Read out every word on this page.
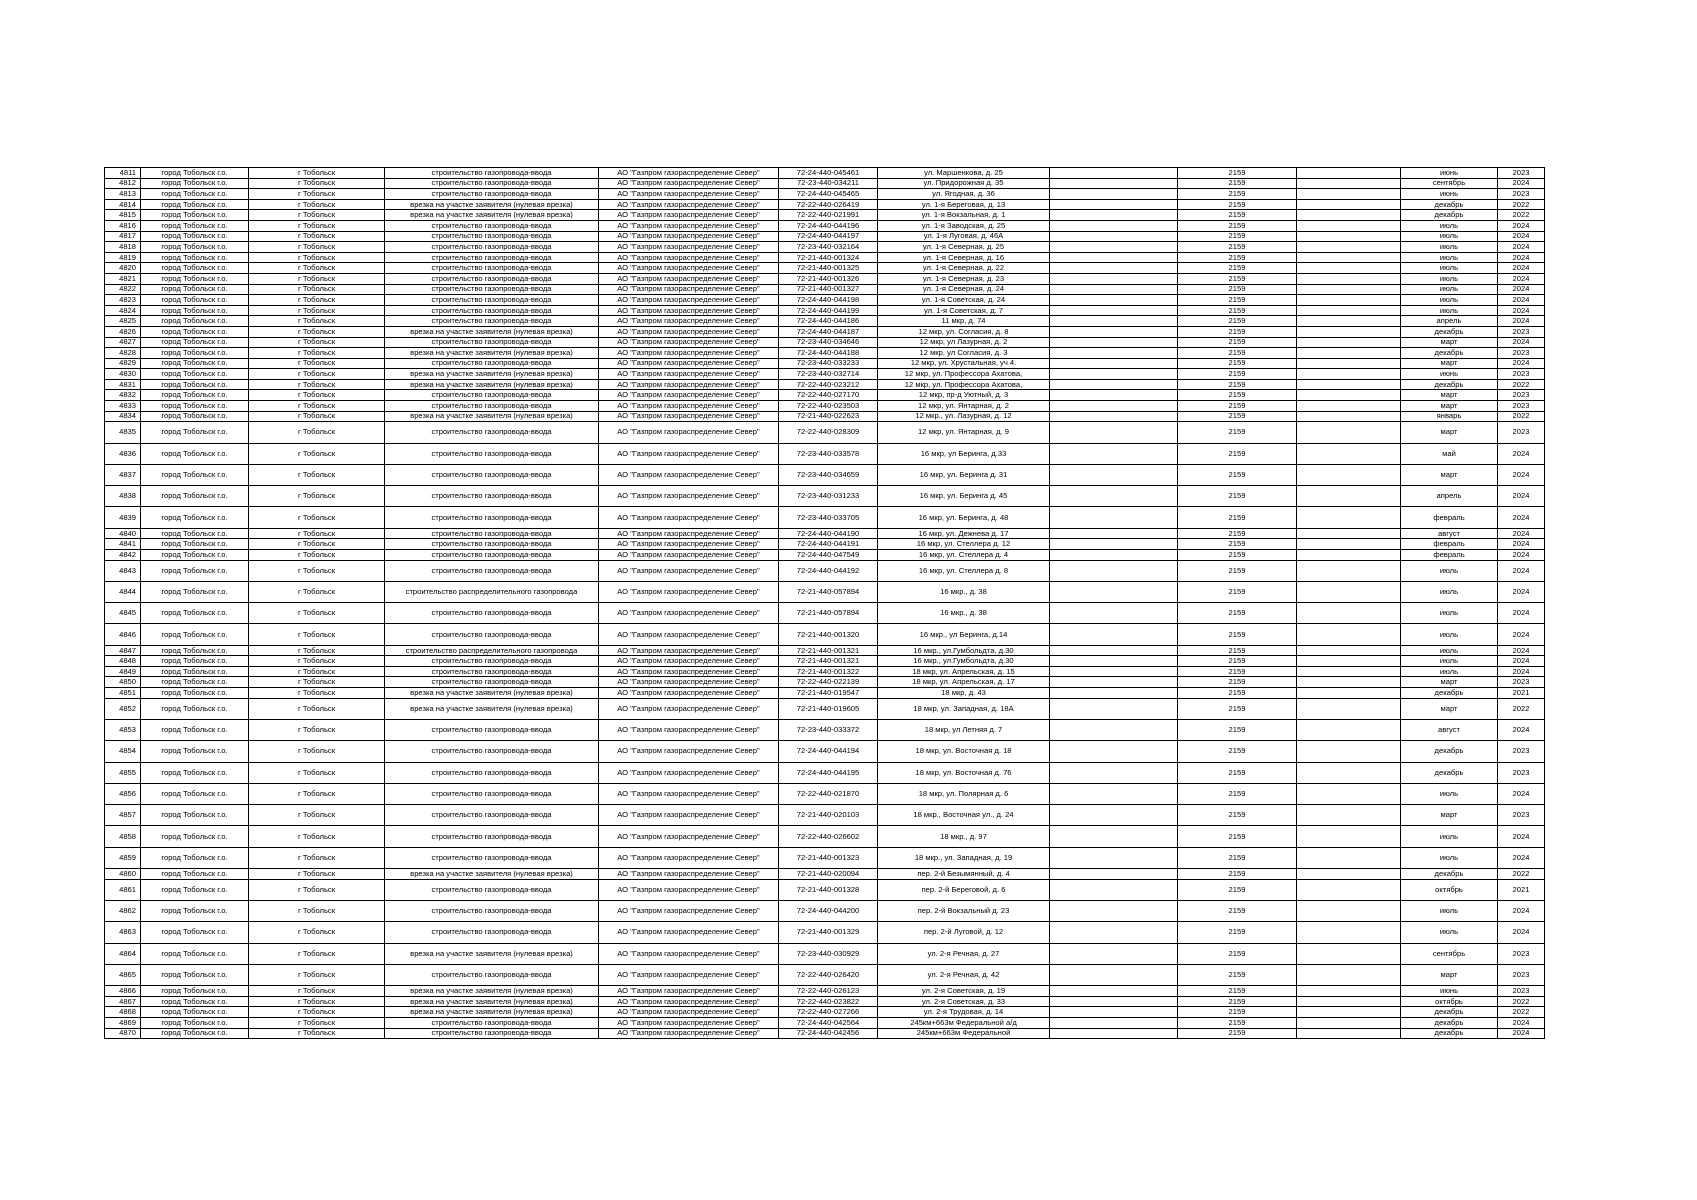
4811	город Тобольск г.о.	г Тобольск	строительство газопровода-ввода	АО "Газпром газораспределение Север"	72-24-440-045461	ул. Маршенкова, д. 25		2159		июнь	2023
4812	город Тобольск г.о.	г Тобольск	строительство газопровода-ввода	АО "Газпром газораспределение Север"	72-23-440-034211	ул. Придорожная д. 35		2159		сентябрь	2024
4813	город Тобольск г.о.	г Тобольск	строительство газопровода-ввода	АО "Газпром газораспределение Север"	72-24-440-045465	ул. Ягодная, д. 36		2159		июнь	2023
4814	город Тобольск г.о.	г Тобольск	врезка на участке заявителя (нулевая врезка)	АО "Газпром газораспределение Север"	72-22-440-026419	ул. 1-я Береговая, д. 13		2159		декабрь	2022
4815	город Тобольск г.о.	г Тобольск	врезка на участке заявителя (нулевая врезка)	АО "Газпром газораспределение Север"	72-22-440-021991	ул. 1-я Вокзальная, д. 1		2159		декабрь	2022
4816	город Тобольск г.о.	г Тобольск	строительство газопровода-ввода	АО "Газпром газораспределение Север"	72-24-440-044196	ул. 1-я Заводская, д. 25		2159		июль	2024
4817	город Тобольск г.о.	г Тобольск	строительство газопровода-ввода	АО "Газпром газораспределение Север"	72-24-440-044197	ул. 1-я Луговая, д. 46А		2159		июль	2024
4818	город Тобольск г.о.	г Тобольск	строительство газопровода-ввода	АО "Газпром газораспределение Север"	72-23-440-032164	ул. 1-я Северная, д. 25		2159		июль	2024
4819	город Тобольск г.о.	г Тобольск	строительство газопровода-ввода	АО "Газпром газораспределение Север"	72-21-440-001324	ул. 1-я Северная, д. 16		2159		июль	2024
4820	город Тобольск г.о.	г Тобольск	строительство газопровода-ввода	АО "Газпром газораспределение Север"	72-21-440-001325	ул. 1-я Северная, д. 22		2159		июль	2024
4821	город Тобольск г.о.	г Тобольск	строительство газопровода-ввода	АО "Газпром газораспределение Север"	72-21-440-001326	ул. 1-я Северная, д. 23		2159		июль	2024
4822	город Тобольск г.о.	г Тобольск	строительство газопровода-ввода	АО "Газпром газораспределение Север"	72-21-440-001327	ул. 1-я Северная, д. 24		2159		июль	2024
4823	город Тобольск г.о.	г Тобольск	строительство газопровода-ввода	АО "Газпром газораспределение Север"	72-24-440-044198	ул. 1-я Советская, д. 24		2159		июль	2024
4824	город Тобольск г.о.	г Тобольск	строительство газопровода-ввода	АО "Газпром газораспределение Север"	72-24-440-044199	ул. 1-я Советская, д. 7		2159		июль	2024
4825	город Тобольск г.о.	г Тобольск	строительство газопровода-ввода	АО "Газпром газораспределение Север"	72-24-440-044186	11 мкр, д. 74		2159		апрель	2024
4826	город Тобольск г.о.	г Тобольск	врезка на участке заявителя (нулевая врезка)	АО "Газпром газораспределение Север"	72-24-440-044187	12 мкр, ул. Согласия, д. 8		2159		декабрь	2023
4827	город Тобольск г.о.	г Тобольск	строительство газопровода-ввода	АО "Газпром газораспределение Север"	72-23-440-034646	12 мкр, ул Лазурная, д. 2		2159		март	2024
4828	город Тобольск г.о.	г Тобольск	врезка на участке заявителя (нулевая врезка)	АО "Газпром газораспределение Север"	72-24-440-044188	12 мкр, ул Согласия, д. 3		2159		декабрь	2023
4829	город Тобольск г.о.	г Тобольск	строительство газопровода-ввода	АО "Газпром газораспределение Север"	72-23-440-033233	12 мкр, ул. Хрустальная, уч 4.		2159		март	2024
4830	город Тобольск г.о.	г Тобольск	врезка на участке заявителя (нулевая врезка)	АО "Газпром газораспределение Север"	72-23-440-032714	12 мкр, ул. Профессора Ахатова,		2159		июнь	2023
4831	город Тобольск г.о.	г Тобольск	врезка на участке заявителя (нулевая врезка)	АО "Газпром газораспределение Север"	72-22-440-023212	12 мкр, ул. Профессора Ахатова,		2159		декабрь	2022
4832	город Тобольск г.о.	г Тобольск	строительство газопровода-ввода	АО "Газпром газораспределение Север"	72-22-440-027170	12 мкр, пр-д Уютный, д. 3		2159		март	2023
4833	город Тобольск г.о.	г Тобольск	строительство газопровода-ввода	АО "Газпром газораспределение Север"	72-22-440-023503	12 мкр, ул. Янтарная, д. 2		2159		март	2023
4834	город Тобольск г.о.	г Тобольск	врезка на участке заявителя (нулевая врезка)	АО "Газпром газораспределение Север"	72-21-440-022623	12 мкр., ул. Лазурная, д. 12		2159		январь	2022
4835	город Тобольск г.о.	г Тобольск	строительство газопровода-ввода	АО "Газпром газораспределение Север"	72-22-440-028309	12 мкр, ул. Янтарная, д. 9		2159		март	2023
4836	город Тобольск г.о.	г Тобольск	строительство газопровода-ввода	АО "Газпром газораспределение Север"	72-23-440-033578	16 мкр, ул Беринга, д.33		2159		май	2024
4837	город Тобольск г.о.	г Тобольск	строительство газопровода-ввода	АО "Газпром газораспределение Север"	72-23-440-034659	16 мкр, ул. Беринга д. 31		2159		март	2024
4838	город Тобольск г.о.	г Тобольск	строительство газопровода-ввода	АО "Газпром газораспределение Север"	72-23-440-031233	16 мкр, ул. Беринга д. 45		2159		апрель	2024
4839	город Тобольск г.о.	г Тобольск	строительство газопровода-ввода	АО "Газпром газораспределение Север"	72-23-440-033705	16 мкр, ул. Беринга, д. 48		2159		февраль	2024
4840	город Тобольск г.о.	г Тобольск	строительство газопровода-ввода	АО "Газпром газораспределение Север"	72-24-440-044190	16 мкр, ул. Дежнева д. 17		2159		август	2024
4841	город Тобольск г.о.	г Тобольск	строительство газопровода-ввода	АО "Газпром газораспределение Север"	72-24-440-044191	16 мкр, ул. Стеллера д. 12		2159		февраль	2024
4842	город Тобольск г.о.	г Тобольск	строительство газопровода-ввода	АО "Газпром газораспределение Север"	72-24-440-047549	16 мкр, ул. Стеллера д. 4		2159		февраль	2024
4843	город Тобольск г.о.	г Тобольск	строительство газопровода-ввода	АО "Газпром газораспределение Север"	72-24-440-044192	16 мкр, ул. Стеллера д. 8		2159		июль	2024
4844	город Тобольск г.о.	г Тобольск	строительство распределительного газопровода	АО "Газпром газораспределение Север"	72-21-440-057894	16 мкр., д. 38		2159		июль	2024
4845	город Тобольск г.о.	г Тобольск	строительство газопровода-ввода	АО "Газпром газораспределение Север"	72-21-440-057894	16 мкр., д. 38		2159		июль	2024
4846	город Тобольск г.о.	г Тобольск	строительство газопровода-ввода	АО "Газпром газораспределение Север"	72-21-440-001320	16 мкр., ул Беринга, д.14		2159		июль	2024
4847	город Тобольск г.о.	г Тобольск	строительство распределительного газопровода	АО "Газпром газораспределение Север"	72-21-440-001321	16 мкр., ул.Гумбольдта, д.30		2159		июль	2024
4848	город Тобольск г.о.	г Тобольск	строительство газопровода-ввода	АО "Газпром газораспределение Север"	72-21-440-001321	16 мкр., ул.Гумбольдта, д.30		2159		июль	2024
4849	город Тобольск г.о.	г Тобольск	строительство газопровода-ввода	АО "Газпром газораспределение Север"	72-21-440-001322	18 мкр, ул. Апрельская, д. 15		2159		июль	2024
4850	город Тобольск г.о.	г Тобольск	строительство газопровода-ввода	АО "Газпром газораспределение Север"	72-22-440-022139	18 мкр, ул. Апрельская, д. 17		2159		март	2023
4851	город Тобольск г.о.	г Тобольск	врезка на участке заявителя (нулевая врезка)	АО "Газпром газораспределение Север"	72-21-440-019547	18 мкр, д. 43		2159		декабрь	2021
4852	город Тобольск г.о.	г Тобольск	врезка на участке заявителя (нулевая врезка)	АО "Газпром газораспределение Север"	72-21-440-019605	18 мкр, ул. Западная, д. 18А		2159		март	2022
4853	город Тобольск г.о.	г Тобольск	строительство газопровода-ввода	АО "Газпром газораспределение Север"	72-23-440-033372	18 мкр, ул Летняя д. 7		2159		август	2024
4854	город Тобольск г.о.	г Тобольск	строительство газопровода-ввода	АО "Газпром газораспределение Север"	72-24-440-044194	18 мкр, ул. Восточная д. 18		2159		декабрь	2023
4855	город Тобольск г.о.	г Тобольск	строительство газопровода-ввода	АО "Газпром газораспределение Север"	72-24-440-044195	18 мкр, ул. Восточная д. 76		2159		декабрь	2023
4856	город Тобольск г.о.	г Тобольск	строительство газопровода-ввода	АО "Газпром газораспределение Север"	72-22-440-021870	18 мкр, ул. Полярная д. 6		2159		июль	2024
4857	город Тобольск г.о.	г Тобольск	строительство газопровода-ввода	АО "Газпром газораспределение Север"	72-21-440-020103	18 мкр., Восточная ул., д. 24		2159		март	2023
4858	город Тобольск г.о.	г Тобольск	строительство газопровода-ввода	АО "Газпром газораспределение Север"	72-22-440-026602	18 мкр., д. 97		2159		июль	2024
4859	город Тобольск г.о.	г Тобольск	строительство газопровода-ввода	АО "Газпром газораспределение Север"	72-21-440-001323	18 мкр., ул. Западная, д. 19		2159		июль	2024
4860	город Тобольск г.о.	г Тобольск	врезка на участке заявителя (нулевая врезка)	АО "Газпром газораспределение Север"	72-21-440-020094	пер. 2-й Безымянный, д. 4		2159		декабрь	2022
4861	город Тобольск г.о.	г Тобольск	строительство газопровода-ввода	АО "Газпром газораспределение Север"	72-21-440-001328	пер. 2-й Береговой, д. 6		2159		октябрь	2021
4862	город Тобольск г.о.	г Тобольск	строительство газопровода-ввода	АО "Газпром газораспределение Север"	72-24-440-044200	пер. 2-й Вокзальный д. 23		2159		июль	2024
4863	город Тобольск г.о.	г Тобольск	строительство газопровода-ввода	АО "Газпром газораспределение Север"	72-21-440-001329	пер. 2-й Луговой, д. 12		2159		июль	2024
4864	город Тобольск г.о.	г Тобольск	врезка на участке заявителя (нулевая врезка)	АО "Газпром газораспределение Север"	72-23-440-030929	ул. 2-я Речная, д. 27		2159		сентябрь	2023
4865	город Тобольск г.о.	г Тобольск	строительство газопровода-ввода	АО "Газпром газораспределение Север"	72-22-440-026420	ул. 2-я Речная, д. 42		2159		март	2023
4866	город Тобольск г.о.	г Тобольск	врезка на участке заявителя (нулевая врезка)	АО "Газпром газораспределение Север"	72-22-440-026123	ул. 2-я Советская, д. 19		2159		июнь	2023
4867	город Тобольск г.о.	г Тобольск	врезка на участке заявителя (нулевая врезка)	АО "Газпром газораспределение Север"	72-22-440-023822	ул. 2-я Советская, д. 33		2159		октябрь	2022
4868	город Тобольск г.о.	г Тобольск	врезка на участке заявителя (нулевая врезка)	АО "Газпром газораспределение Север"	72-22-440-027266	ул. 2-я Трудовая, д. 14		2159		декабрь	2022
4869	город Тобольск г.о.	г Тобольск	строительство газопровода-ввода	АО "Газпром газораспределение Север"	72-24-440-042564	245км+663м Федеральной а/д		2159		декабрь	2024
4870	город Тобольск г.о.	г Тобольск	строительство газопровода-ввода	АО "Газпром газораспределение Север"	72-24-440-042456	245км+663м Федеральной		2159		декабрь	2024
